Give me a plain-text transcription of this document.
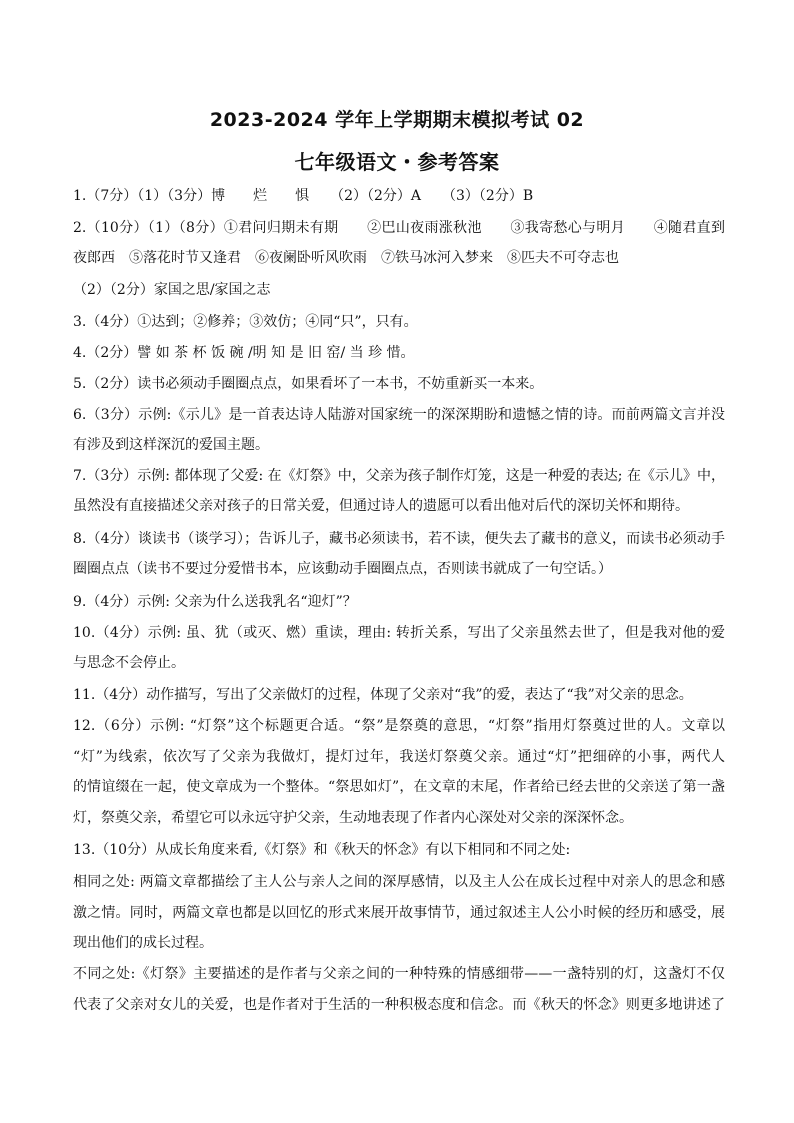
2023-2024 学年上学期期末模拟考试 02
七年级语文・参考答案
1.（7分）（1）（3分）博　　烂　　惧　　（2）（2分）A　　（3）（2分）B
2.（10分）（1）（8分）①君问归期未有期　　②巴山夜雨涨秋池　　③我寄愁心与明月　　④随君直到
夜郎西　⑤落花时节又逢君　⑥夜阑卧听风吹雨　⑦铁马冰河入梦来　⑧匹夫不可夺志也
（2）（2分）家国之思/家国之志
3.（4分）①达到；②修养；③效仿；④同“只”，只有。
4.（2分）譬 如 茶 杯 饭 碗 /明 知 是 旧 窑/ 当 珍 惜。
5.（2分）读书必须动手圈圈点点，如果看坏了一本书，不妨重新买一本来。
6.（3分）示例:《示儿》是一首表达诗人陆游对国家统一的深深期盼和遗憾之情的诗。而前两篇文言并没
有涉及到这样深沉的爱国主题。
7.（3分）示例: 都体现了父爱: 在《灯祭》中，父亲为孩子制作灯笼，这是一种爱的表达; 在《示儿》中，
虽然没有直接描述父亲对孩子的日常关爱，但通过诗人的遗愿可以看出他对后代的深切关怀和期待。
8.（4分）谈读书（谈学习）；告诉儿子，藏书必须读书，若不读，便失去了藏书的意义，而读书必须动手
圈圈点点（读书不要过分爱惜书本，应该動动手圈圈点点，否则读书就成了一句空话。）
9.（4分）示例: 父亲为什么送我乳名“迎灯”？
10.（4分）示例: 虽、犹（或灭、燃）重读，理由: 转折关系，写出了父亲虽然去世了，但是我对他的爱
与思念不会停止。
11.（4分）动作描写，写出了父亲做灯的过程，体现了父亲对“我”的爱，表达了“我”对父亲的思念。
12.（6分）示例: “灯祭”这个标题更合适。“祭”是祭奠的意思，“灯祭”指用灯祭奠过世的人。文章以
“灯”为线索，依次写了父亲为我做灯，提灯过年，我送灯祭奠父亲。通过“灯”把细碎的小事，两代人
的情谊缀在一起，使文章成为一个整体。“祭思如灯”，在文章的末尾，作者给已经去世的父亲送了第一盏
灯，祭奠父亲，希望它可以永远守护父亲，生动地表现了作者内心深处对父亲的深深怀念。
13.（10分）从成长角度来看,《灯祭》和《秋天的怀念》有以下相同和不同之处:
相同之处: 两篇文章都描绘了主人公与亲人之间的深厚感情，以及主人公在成长过程中对亲人的思念和感
激之情。同时，两篇文章也都是以回忆的形式来展开故事情节，通过叙述主人公小时候的经历和感受，展
现出他们的成长过程。
不同之处:《灯祭》主要描述的是作者与父亲之间的一种特殊的情感细带——一盏特别的灯，这盏灯不仅
代表了父亲对女儿的关爱，也是作者对于生活的一种积极态度和信念。而《秋天的怀念》则更多地讲述了
